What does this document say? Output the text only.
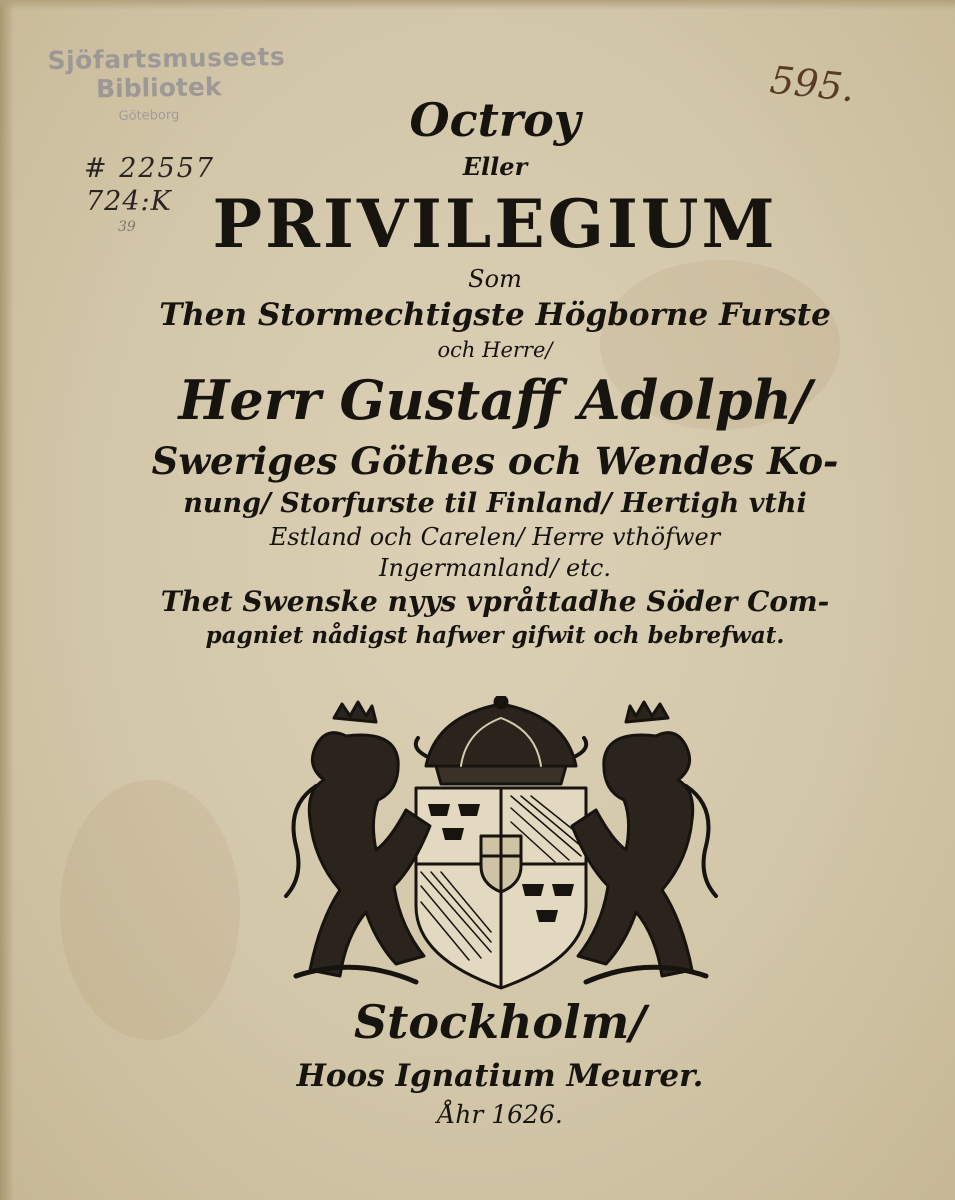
Sjöfartsmuseets
Bibliotek
Göteborg
# 22557
724:K
39
595.
Octroy
Eller
PRIVILEGIUM
Som
Then Stormechtigste Högborne Furste
och Herre/
Herr Gustaff Adolph/
Sweriges Göthes och Wendes Ko-
nung/ Storfurste til Finland/ Hertigh vthi
Estland och Carelen/ Herre vthöfwer
Ingermanland/ etc.
Thet Swenske nyys vpråttadhe Söder Com-
pagniet nådigst hafwer gifwit och bebrefwat.
Stockholm/
Hoos Ignatium Meurer.
Åhr 1626.
